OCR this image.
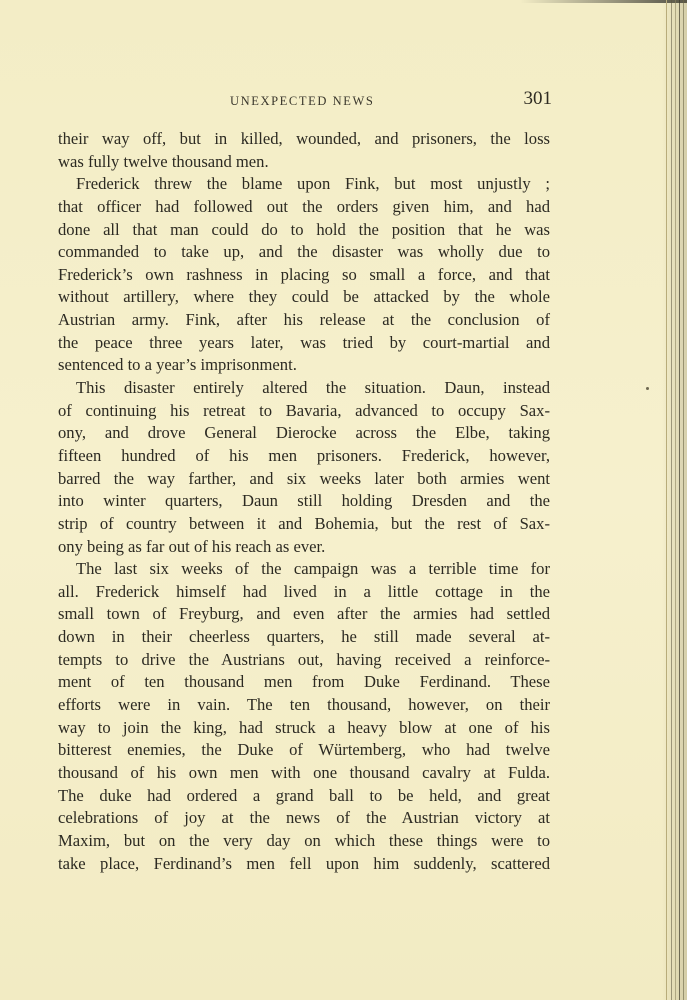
UNEXPECTED NEWS	301
their way off, but in killed, wounded, and prisoners, the loss
was fully twelve thousand men.
Frederick threw the blame upon Fink, but most unjustly ;
that officer had followed out the orders given him, and had
done all that man could do to hold the position that he was
commanded to take up, and the disaster was wholly due to
Frederick’s own rashness in placing so small a force, and that
without artillery, where they could be attacked by the whole
Austrian army. Fink, after his release at the conclusion of
the peace three years later, was tried by court-martial and
sentenced to a year’s imprisonment.
This disaster entirely altered the situation. Daun, instead
of continuing his retreat to Bavaria, advanced to occupy Sax-
ony, and drove General Dierocke across the Elbe, taking
fifteen hundred of his men prisoners. Frederick, however,
barred the way farther, and six weeks later both armies went
into winter quarters, Daun still holding Dresden and the
strip of country between it and Bohemia, but the rest of Sax-
ony being as far out of his reach as ever.
The last six weeks of the campaign was a terrible time for
all. Frederick himself had lived in a little cottage in the
small town of Freyburg, and even after the armies had settled
down in their cheerless quarters, he still made several at-
tempts to drive the Austrians out, having received a reinforce-
ment of ten thousand men from Duke Ferdinand. These
efforts were in vain. The ten thousand, however, on their
way to join the king, had struck a heavy blow at one of his
bitterest enemies, the Duke of Würtemberg, who had twelve
thousand of his own men with one thousand cavalry at Fulda.
The duke had ordered a grand ball to be held, and great
celebrations of joy at the news of the Austrian victory at
Maxim, but on the very day on which these things were to
take place, Ferdinand’s men fell upon him suddenly, scattered
